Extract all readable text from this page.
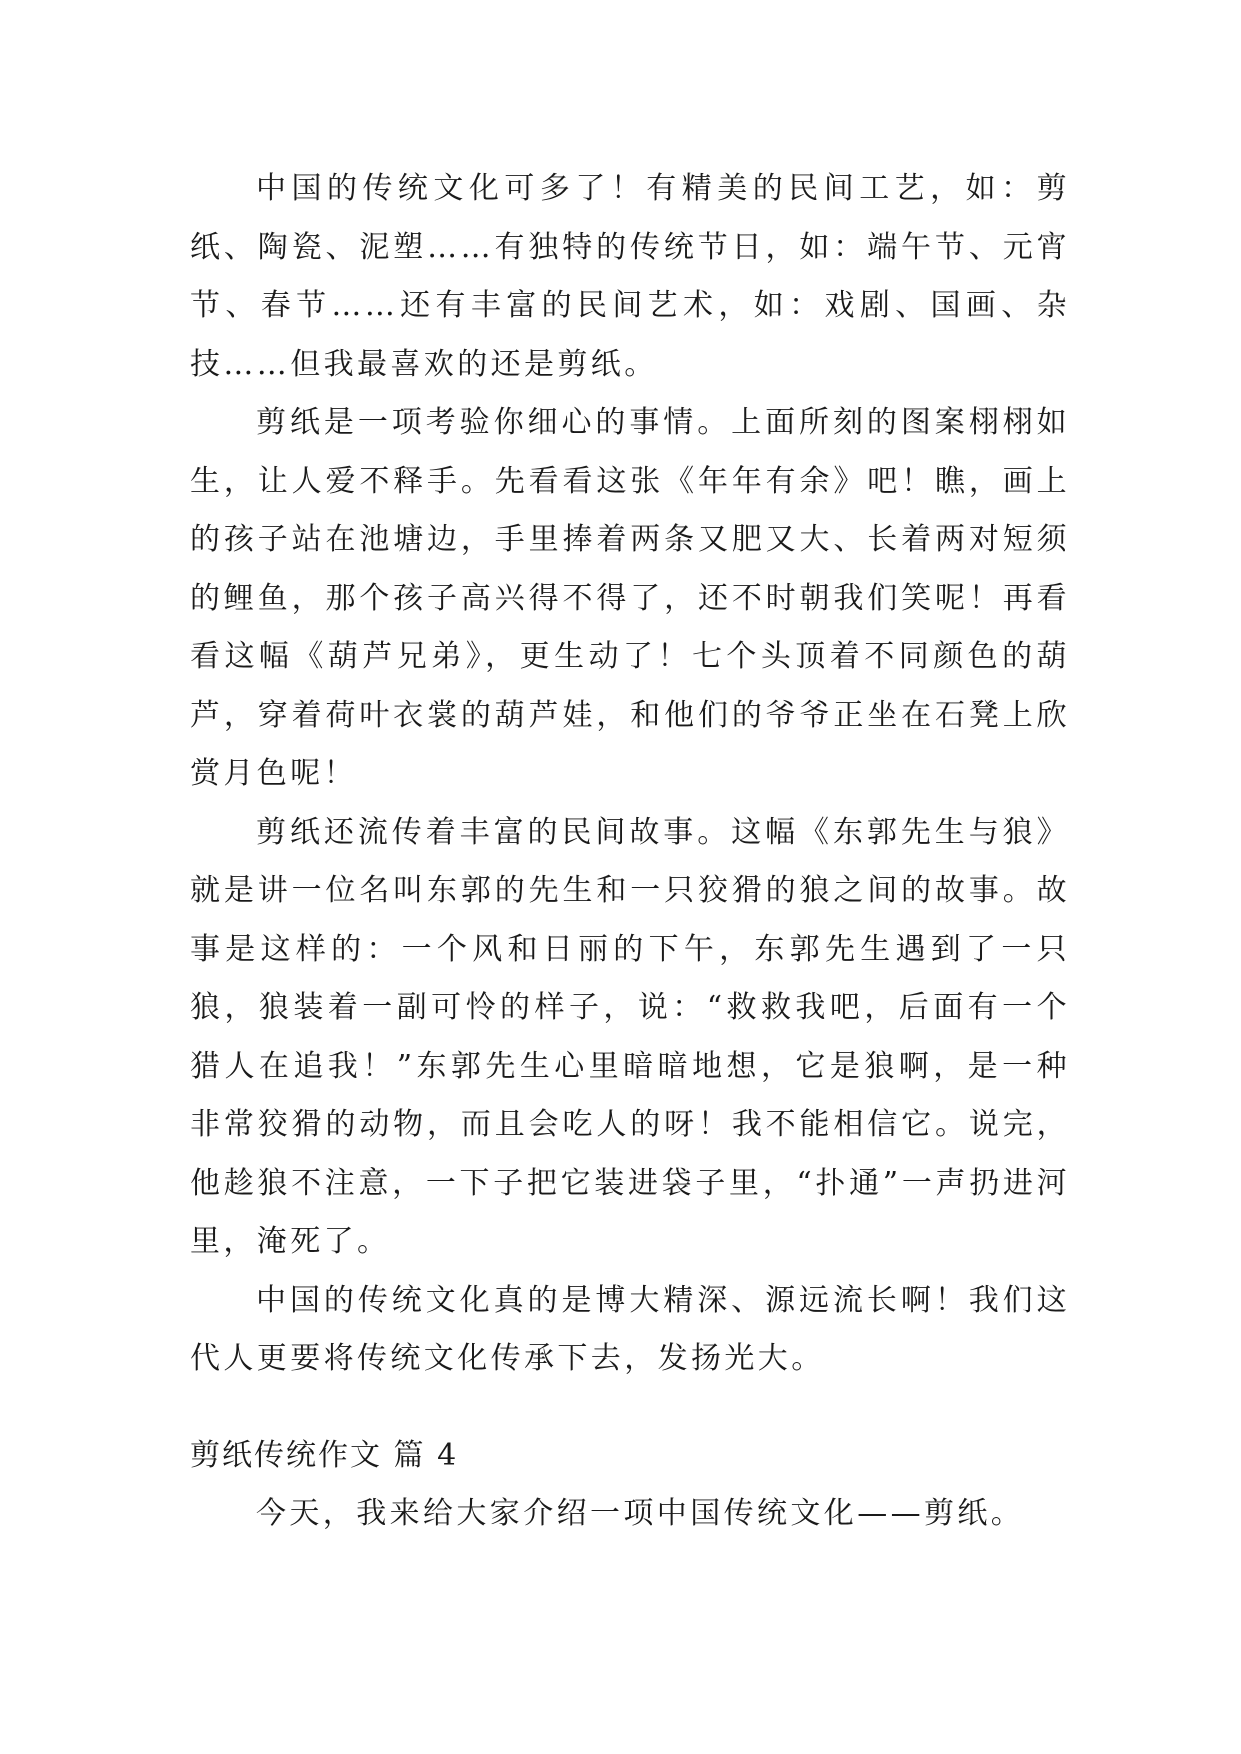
中国的传统文化可多了！有精美的民间工艺，如：剪纸、陶瓷、泥塑……有独特的传统节日，如：端午节、元宵节、春节……还有丰富的民间艺术，如：戏剧、国画、杂技……但我最喜欢的还是剪纸。

剪纸是一项考验你细心的事情。上面所刻的图案栩栩如生，让人爱不释手。先看看这张《年年有余》吧！瞧，画上的孩子站在池塘边，手里捧着两条又肥又大、长着两对短须的鲤鱼，那个孩子高兴得不得了，还不时朝我们笑呢！再看看这幅《葫芦兄弟》，更生动了！七个头顶着不同颜色的葫芦，穿着荷叶衣裳的葫芦娃，和他们的爷爷正坐在石凳上欣赏月色呢！

剪纸还流传着丰富的民间故事。这幅《东郭先生与狼》就是讲一位名叫东郭的先生和一只狡猾的狼之间的故事。故事是这样的：一个风和日丽的下午，东郭先生遇到了一只狼，狼装着一副可怜的样子，说：“救救我吧，后面有一个猎人在追我！”东郭先生心里暗暗地想，它是狼啊，是一种非常狡猾的动物，而且会吃人的呀！我不能相信它。说完，他趁狼不注意，一下子把它装进袋子里，“扑通”一声扔进河里，淹死了。

中国的传统文化真的是博大精深、源远流长啊！我们这代人更要将传统文化传承下去，发扬光大。

剪纸传统作文 篇 4

今天，我来给大家介绍一项中国传统文化——剪纸。
